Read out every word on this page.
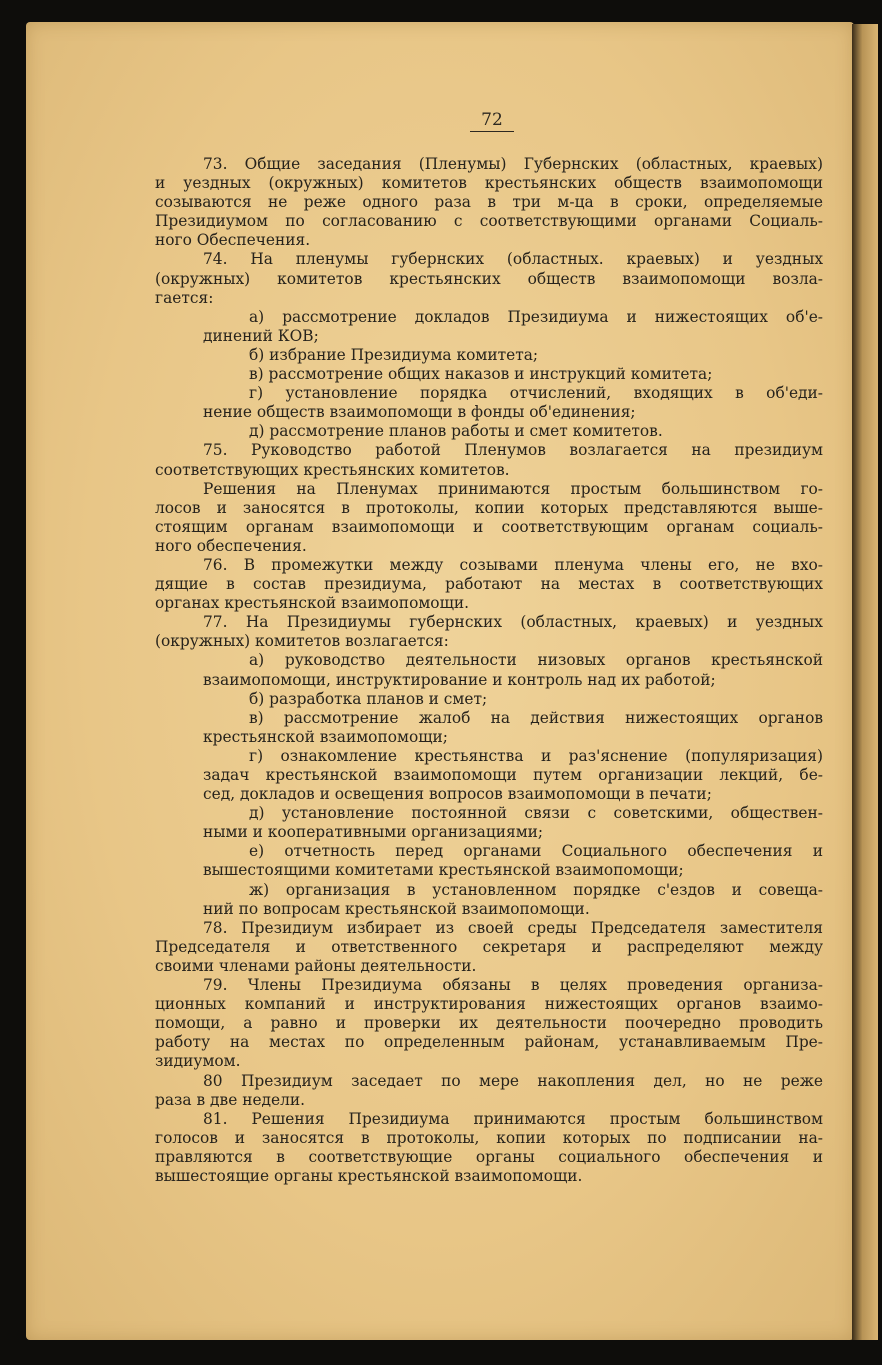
72
73. Общие заседания (Пленумы) Губернских (областных, краевых)
и уездных (окружных) комитетов крестьянских обществ взаимопомощи
созываются не реже одного раза в три м-ца в сроки, определяемые
Президиумом по согласованию с соответствующими органами Социаль-
ного Обеспечения.
74. На пленумы губернских (областных. краевых) и уездных
(окружных) комитетов крестьянских обществ взаимопомощи возла-
гается:
а) рассмотрение докладов Президиума и нижестоящих об'е-
динений КОВ;
б) избрание Президиума комитета;
в) рассмотрение общих наказов и инструкций комитета;
г) установление порядка отчислений, входящих в об'еди-
нение обществ взаимопомощи в фонды об'единения;
д) рассмотрение планов работы и смет комитетов.
75. Руководство работой Пленумов возлагается на президиум
соответствующих крестьянских комитетов.
Решения на Пленумах принимаются простым большинством го-
лосов и заносятся в протоколы, копии которых представляются выше-
стоящим органам взаимопомощи и соответствующим органам социаль-
ного обеспечения.
76. В промежутки между созывами пленума члены его, не вхо-
дящие в состав президиума, работают на местах в соответствующих
органах крестьянской взаимопомощи.
77. На Президиумы губернских (областных, краевых) и уездных
(окружных) комитетов возлагается:
а) руководство деятельности низовых органов крестьянской
взаимопомощи, инструктирование и контроль над их работой;
б) разработка планов и смет;
в) рассмотрение жалоб на действия нижестоящих органов
крестьянской взаимопомощи;
г) ознакомление крестьянства и раз'яснение (популяризация)
задач крестьянской взаимопомощи путем организации лекций, бе-
сед, докладов и освещения вопросов взаимопомощи в печати;
д) установление постоянной связи с советскими, обществен-
ными и кооперативными организациями;
е) отчетность перед органами Социального обеспечения и
вышестоящими комитетами крестьянской взаимопомощи;
ж) организация в установленном порядке с'ездов и совеща-
ний по вопросам крестьянской взаимопомощи.
78. Президиум избирает из своей среды Председателя заместителя
Председателя и ответственного секретаря и распределяют между
своими членами районы деятельности.
79. Члены Президиума обязаны в целях проведения организа-
ционных компаний и инструктирования нижестоящих органов взаимо-
помощи, а равно и проверки их деятельности поочередно проводить
работу на местах по определенным районам, устанавливаемым Пре-
зидиумом.
80 Президиум заседает по мере накопления дел, но не реже
раза в две недели.
81. Решения Президиума принимаются простым большинством
голосов и заносятся в протоколы, копии которых по подписании на-
правляются в соответствующие органы социального обеспечения и
вышестоящие органы крестьянской взаимопомощи.
